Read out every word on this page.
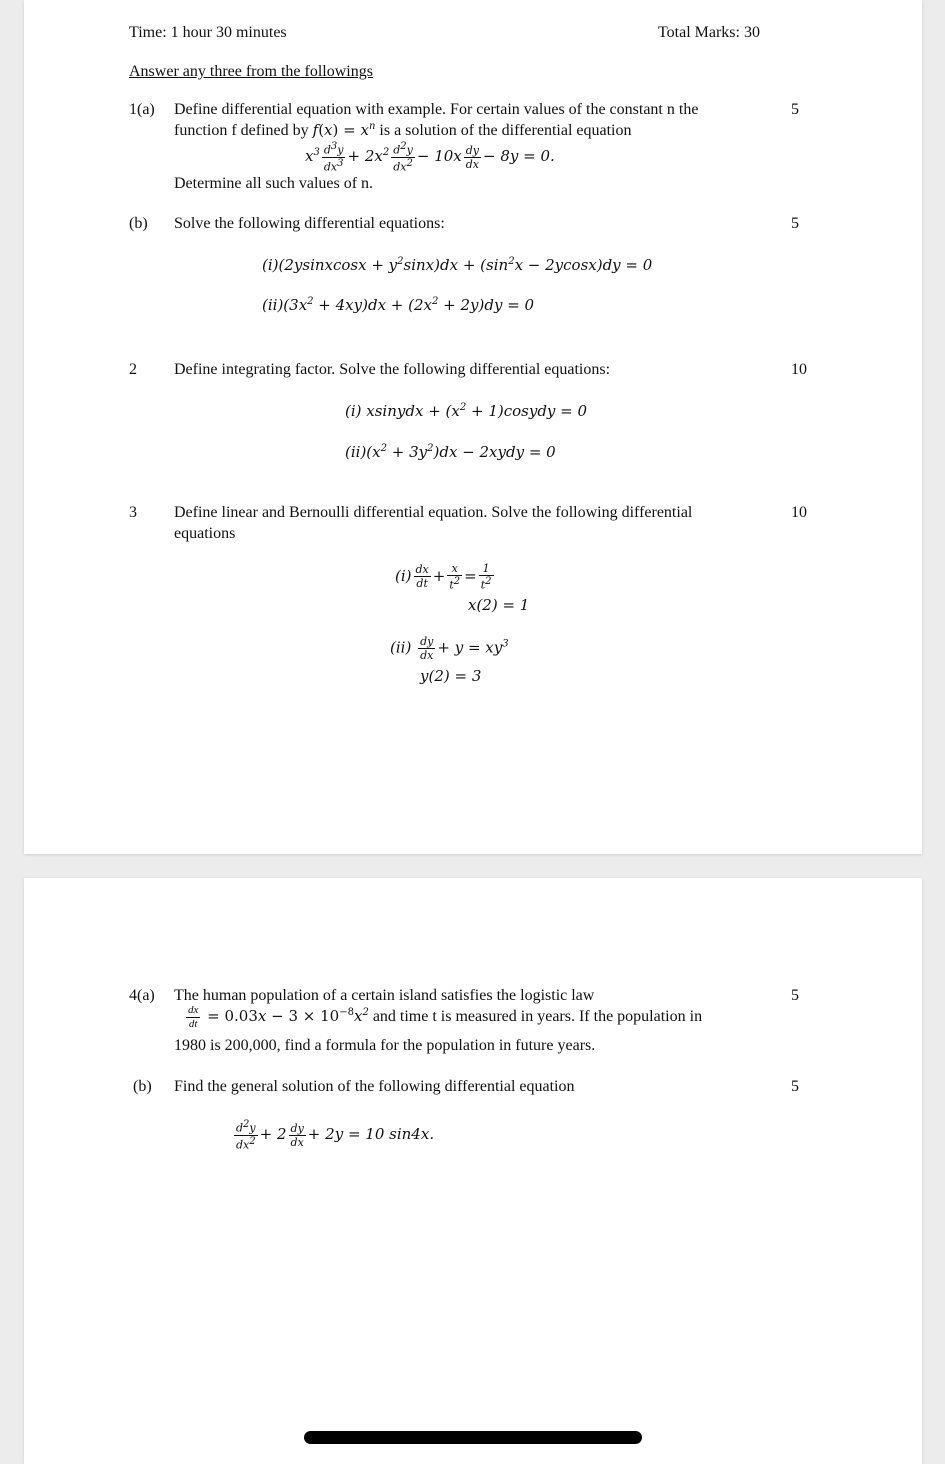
Time: 1 hour 30 minutes	Total Marks: 30
Answer any three from the followings
1(a) Define differential equation with example. For certain values of the constant n the	5
function f defined by $f(x) = x^n$ is a solution of the differential equation
$x^3 \frac{d^3y}{dx^3} + 2x^2 \frac{d^2y}{dx^2} - 10x \frac{dy}{dx} - 8y = 0$.
Determine all such values of n.
(b) Solve the following differential equations:	5
(i)(2ysinxcosx + $y^2\sin x)dx + (\sin^2x - 2ycosx)dy = 0$
$(ii)(3x^2 + 4xy)dx + (2x^2 + 2y)dy = 0$
2 Define integrating factor. Solve the following differential equations:	10
(i) xsinydx + ($x^2$ + 1)cosydy = 0
$(ii)(x^2 + 3y^2)dx$ − 2xydy = 0
3 Define linear and Bernoulli differential equation. Solve the following differential
equations
10
$(i) \frac{dx}{dt} + \frac{x}{t^2} = \frac{1}{t^2}$
x(2) = 1
$(ii) \frac{dy}{dx} + y = xy^3$
y(2) = 3
4(a) The human population of a certain island satisfies the logistic law	5
$\frac{dx}{dt} = 0.03x - 3 \times 10^{-8}x^2$ and time t is measured in years. If the population in
1980 is 200,000, find a formula for the population in future years.
(b) Find the general solution of the following differential equation	5
$\frac{d^2y}{dx^2} + 2 \frac{dy}{dx} + 2y = 10$ sin4x.
